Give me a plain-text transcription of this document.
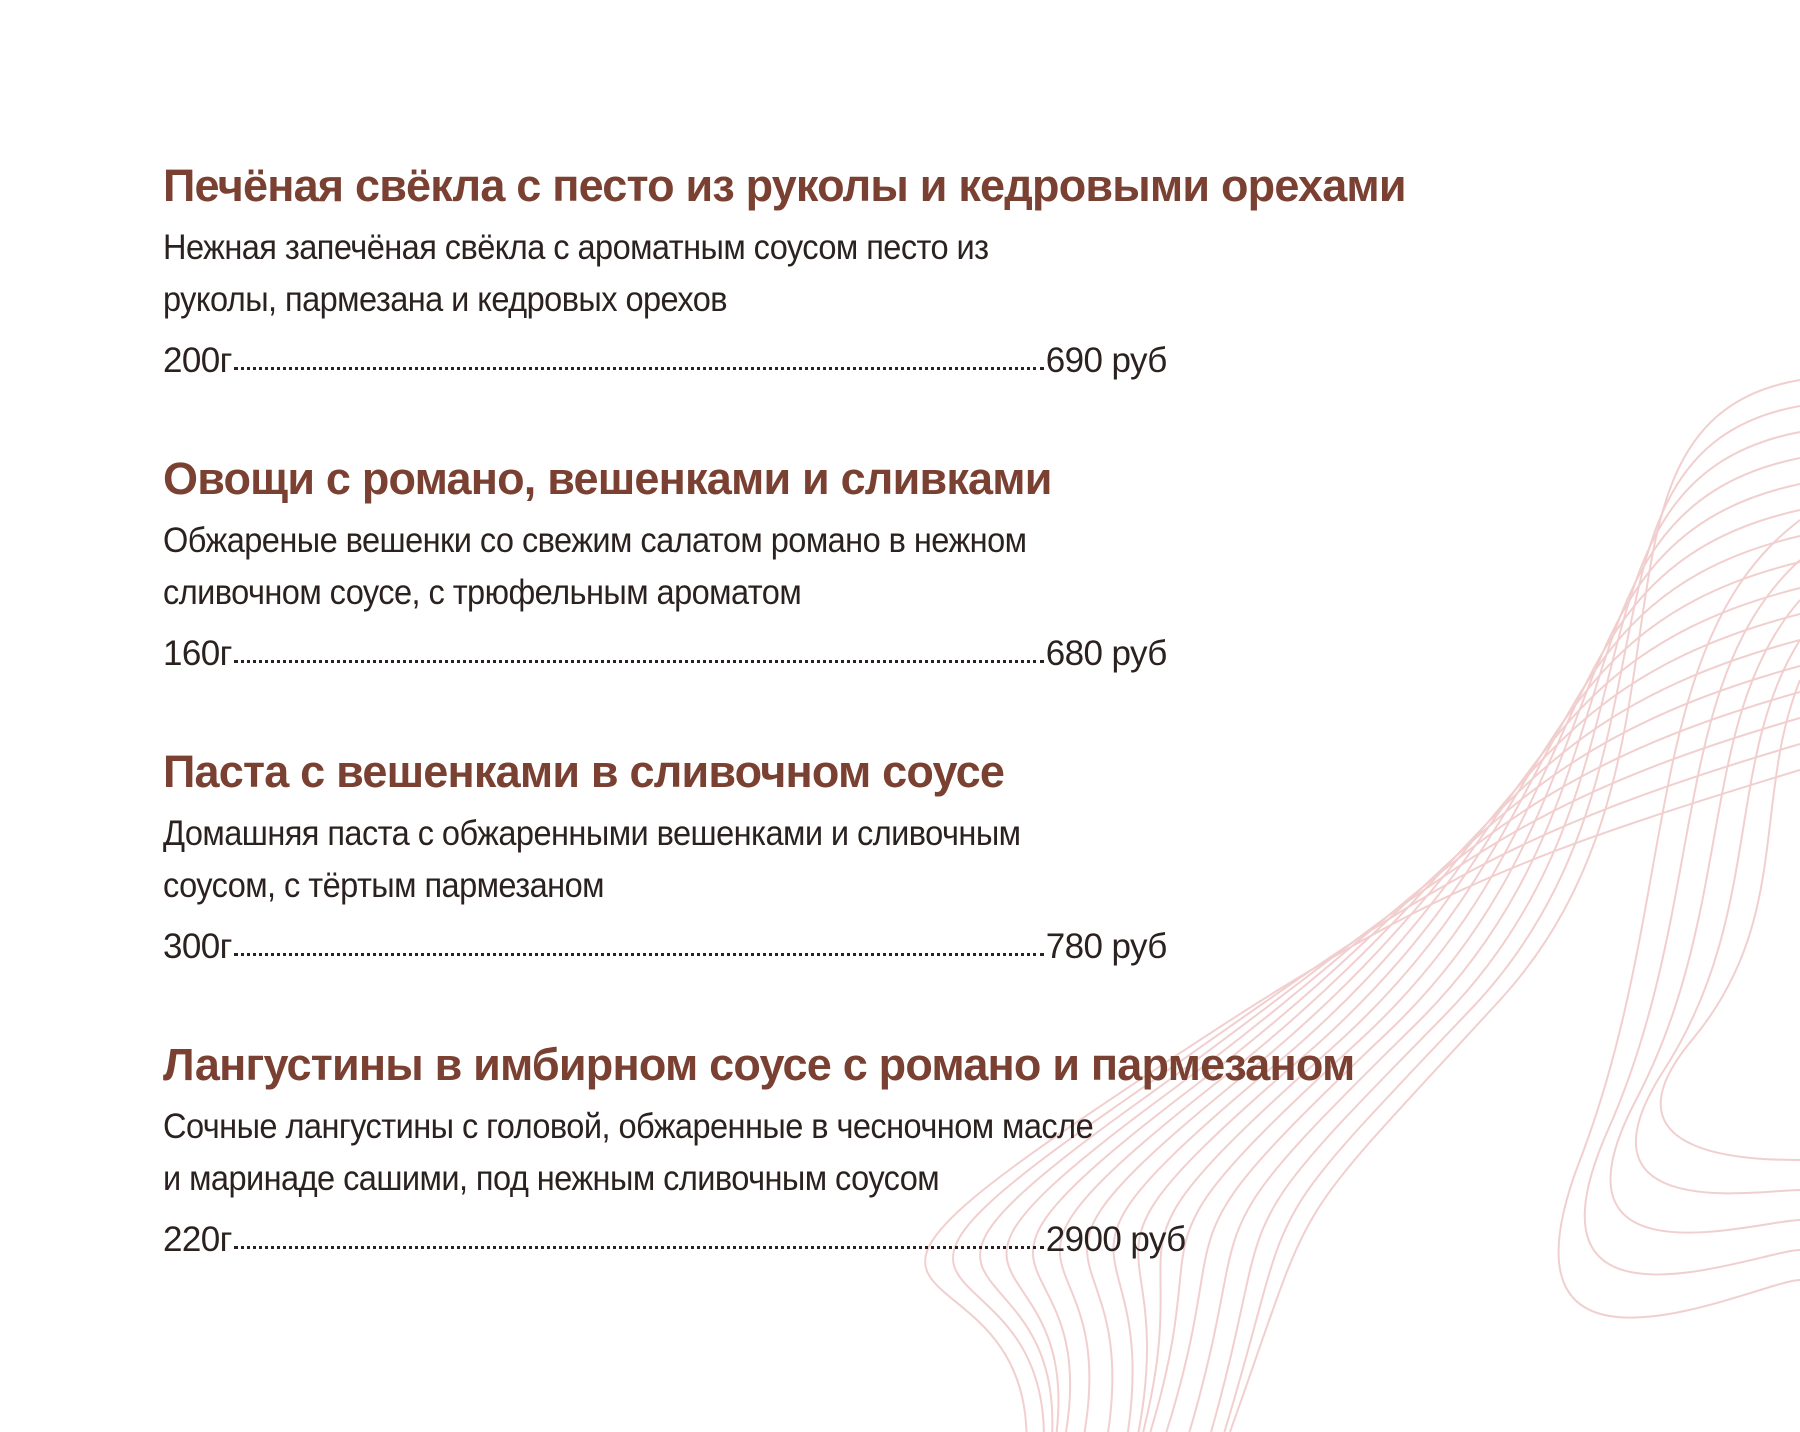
Печёная свёкла с песто из руколы и кедровыми орехами

Нежная запечёная свёкла с ароматным соусом песто из
руколы, пармезана и кедровых орехов

200г	690 руб
Овощи с романо, вешенками и сливками

Обжареные вешенки со свежим салатом романо в нежном
сливочном соусе, с трюфельным ароматом

160г	680 руб
Паста с вешенками в сливочном соусе

Домашняя паста с обжаренными вешенками и сливочным
соусом, с тёртым пармезаном

300г	780 руб
Лангустины в имбирном соусе с романо и пармезаном

Сочные лангустины с головой, обжаренные в чесночном масле
и маринаде сашими, под нежным сливочным соусом

220г	2900 руб
